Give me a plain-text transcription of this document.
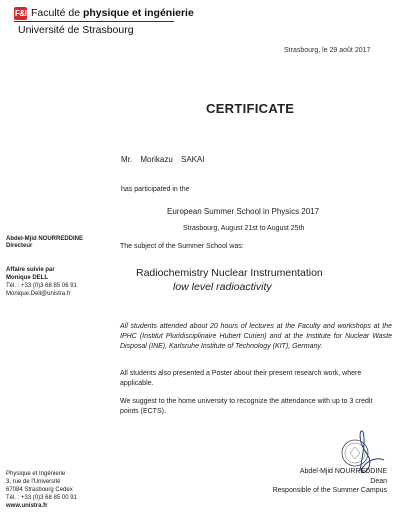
F&I Faculté de physique et ingénierie
Université de Strasbourg
Strasbourg, le 29 août 2017
CERTIFICATE
Mr. Morikazu SAKAI
has participated in the
European Summer School in Physics 2017
Strasbourg, August 21st to August 25th
The subject of the Summer School was:
Abdel-Mjid NOURREDDINE
Directeur
Affaire suivie par
Monique DELL
Tél. : +33 (0)3 68 85 06 91
Monique.Dell@unistra.fr
Radiochemistry Nuclear Instrumentation
low level radioactivity
All students attended about 20 hours of lectures at the Faculty and workshops at the IPHC (Institut Pluridisciplinaire Hubert Curien) and at the Institute for Nuclear Waste Disposal (INE), Karlsruhe Institute of Technology (KIT), Germany.
All students also presented a Poster about their present research work, where applicable.
We suggest to the home university to recognize the attendance with up to 3 credit points (ECTS).
Physique et Ingénierie
3, rue de l'Université
67084 Strasbourg Cedex
Tél. : +33 (0)3 68 85 00 91
www.unistra.fr
Abdel-Mjid NOURREDDINE
Dean
Responsible of the Summer Campus
